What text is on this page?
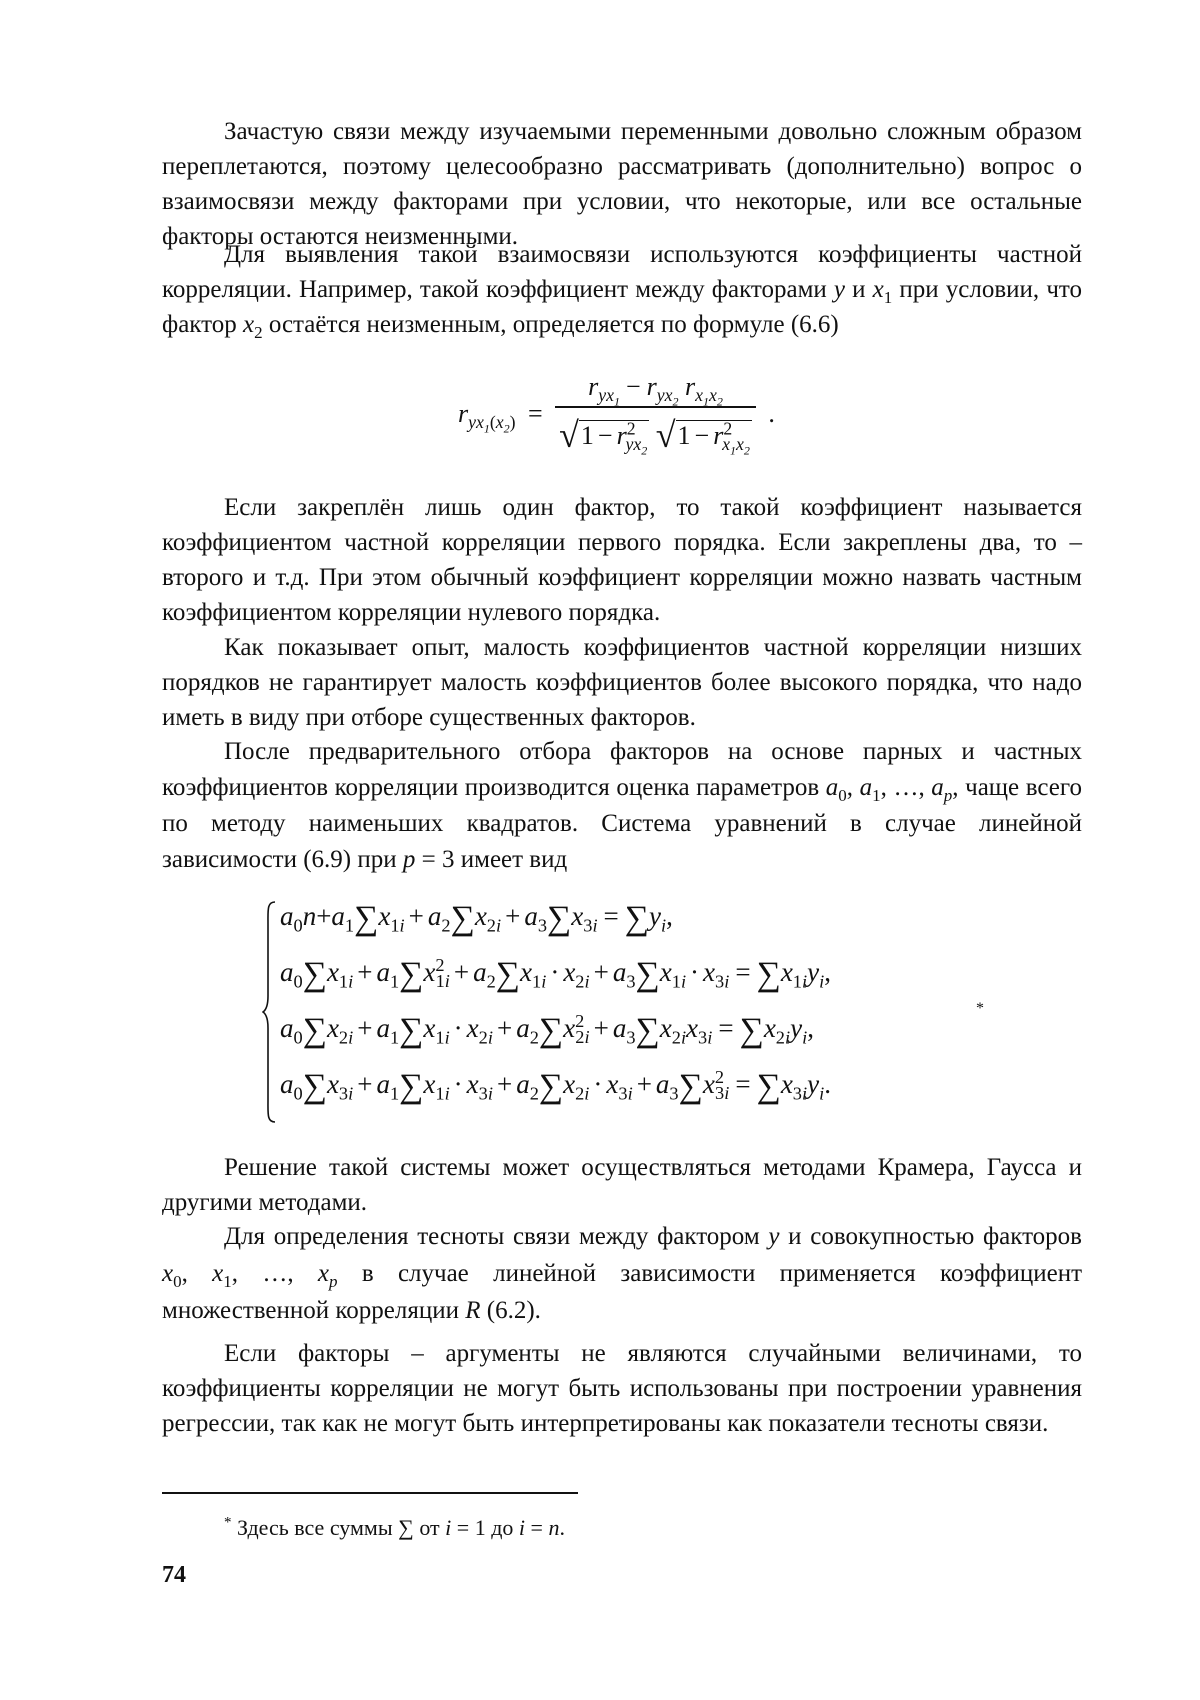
Зачастую связи между изучаемыми переменными довольно сложным образом переплетаются, поэтому целесообразно рассматривать (дополнительно) вопрос о взаимосвязи между факторами при условии, что некоторые, или все остальные факторы остаются неизменными.

Для выявления такой взаимосвязи используются коэффициенты частной корреляции. Например, такой коэффициент между факторами y и $x_1$ при условии, что фактор $x_2$ остаётся неизменным, определяется по формуле (6.6)

$r_{yx_1(x_2)} = \frac{r_{yx_1}- r_{yx_2} r_{x_1x_2}}{√1 - r^2_{yx_2} √1 - r^2_{x_1x_2}}$ .

Если закреплён лишь один фактор, то такой коэффициент называется коэффициентом частной корреляции первого порядка. Если закреплены два, то – второго и т.д. При этом обычный коэффициент корреляции можно назвать частным коэффициентом корреляции нулевого порядка.

Как показывает опыт, малость коэффициентов частной корреляции низших порядков не гарантирует малость коэффициентов более высокого порядка, что надо иметь в виду при отборе существенных факторов.

После предварительного отбора факторов на основе парных и частных коэффициентов корреляции производится оценка параметров $a_0$, $a_1$, …, $a_p$, чаще всего по методу наименьших квадратов. Система уравнений в случае линейной зависимости (6.9) при p = 3 имеет вид

$a_0n+a_1\sum x_{1i} + a_2\sum x_{2i} + a_3\sum x_{3i} = \sum y_i$,
$a_0\sum x_{1i} + a_1\sum x^2_{1i} + a_2\sum x_{1i} \cdot x_{2i} + a_3\sum x_{1i} \cdot x_{3i} = \sum x_{1i}y_i$,
$a_0\sum x_{2i} + a_1\sum x_{1i} \cdot x_{2i} + a_2\sum x^2_{2i} + a_3\sum x_{2i}x_{3i} = \sum x_{2i}y_i$,
$a_0\sum x_{3i} + a_1\sum x_{1i} \cdot x_{3i} + a_2\sum x_{2i} \cdot x_{3i} + a_3\sum x^2_{3i} = \sum x_{3i}y_i$.
*

Решение такой системы может осуществляться методами Крамера, Гаусса и другими методами.

Для определения тесноты связи между фактором y и совокупностью факторов $x_0$, $x_1$, …, $x_p$ в случае линейной зависимости применяется коэффициент множественной корреляции R (6.2).

Если факторы – аргументы не являются случайными величинами, то коэффициенты корреляции не могут быть использованы при построении уравнения регрессии, так как не могут быть интерпретированы как показатели тесноты связи.

* Здесь все суммы ∑ от i = 1 до i = n.
74
